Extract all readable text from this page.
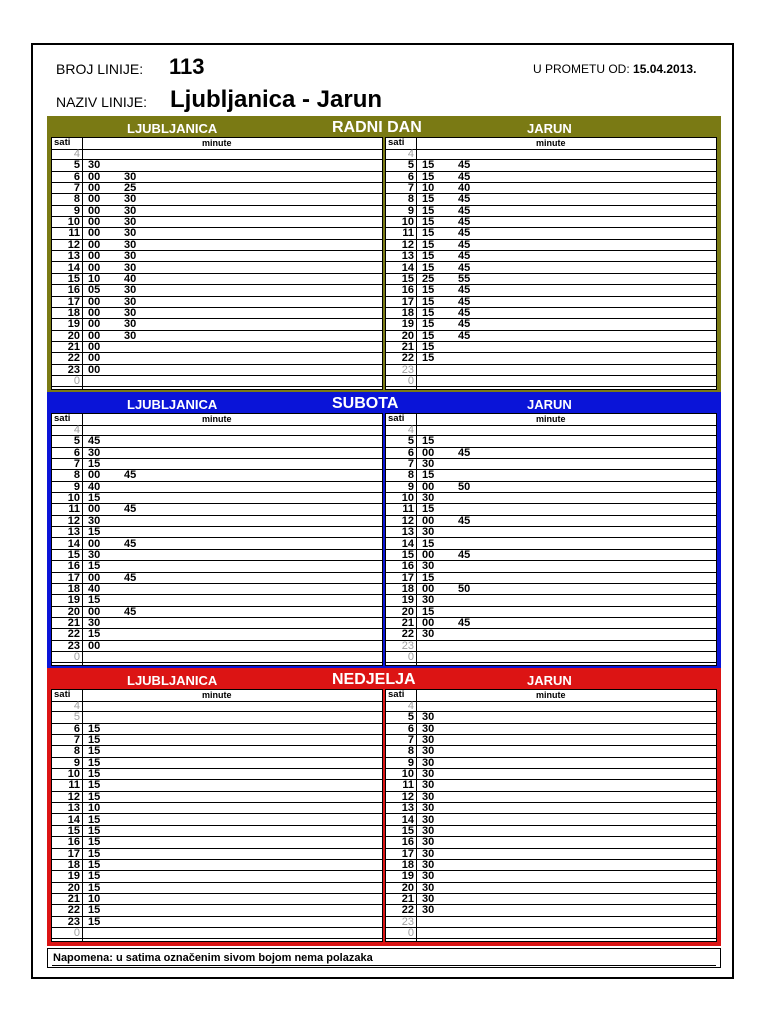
BROJ LINIJE: 113	U PROMETU OD: 15.04.2013.
NAZIV LINIJE: Ljubljanica - Jarun
LJUBLJANICA	RADNI DAN	JARUN
sati	minute
4
5 30
6 00 30
7 00 25
8 00 30
9 00 30
10 00 30
11 00 30
12 00 30
13 00 30
14 00 30
15 10 40
16 05 30
17 00 30
18 00 30
19 00 30
20 00 30
21 00
22 00
23 00
0
sati	minute
4
5 15 45
6 15 45
7 10 40
8 15 45
9 15 45
10 15 45
11 15 45
12 15 45
13 15 45
14 15 45
15 25 55
16 15 45
17 15 45
18 15 45
19 15 45
20 15 45
21 15
22 15
23
0
LJUBLJANICA	SUBOTA	JARUN
sati	minute
4
5 45
6 30
7 15
8 00 45
9 40
10 15
11 00 45
12 30
13 15
14 00 45
15 30
16 15
17 00 45
18 40
19 15
20 00 45
21 30
22 15
23 00
0
sati	minute
4
5 15
6 00 45
7 30
8 15
9 00 50
10 30
11 15
12 00 45
13 30
14 15
15 00 45
16 30
17 15
18 00 50
19 30
20 15
21 00 45
22 30
23
0
LJUBLJANICA	NEDJELJA	JARUN
sati	minute
4
5
6 15
7 15
8 15
9 15
10 15
11 15
12 15
13 10
14 15
15 15
16 15
17 15
18 15
19 15
20 15
21 10
22 15
23 15
0
sati	minute
4
5 30
6 30
7 30
8 30
9 30
10 30
11 30
12 30
13 30
14 30
15 30
16 30
17 30
18 30
19 30
20 30
21 30
22 30
23
0
Napomena: u satima označenim sivom bojom nema polazaka
